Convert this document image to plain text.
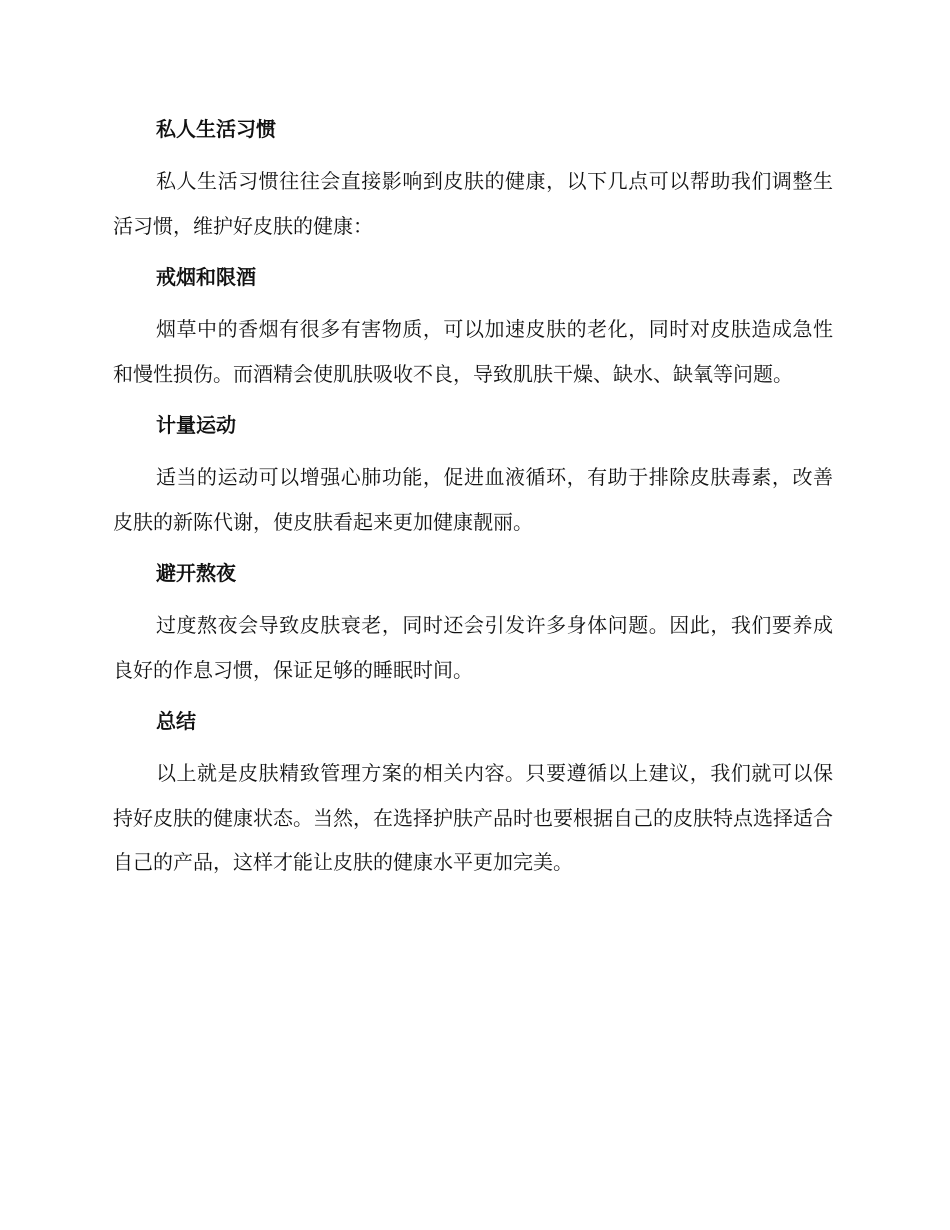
私人生活习惯
私人生活习惯往往会直接影响到皮肤的健康，以下几点可以帮助我们调整生活习惯，维护好皮肤的健康：
戒烟和限酒
烟草中的香烟有很多有害物质，可以加速皮肤的老化，同时对皮肤造成急性和慢性损伤。而酒精会使肌肤吸收不良，导致肌肤干燥、缺水、缺氧等问题。
计量运动
适当的运动可以增强心肺功能，促进血液循环，有助于排除皮肤毒素，改善皮肤的新陈代谢，使皮肤看起来更加健康靓丽。
避开熬夜
过度熬夜会导致皮肤衰老，同时还会引发许多身体问题。因此，我们要养成良好的作息习惯，保证足够的睡眠时间。
总结
以上就是皮肤精致管理方案的相关内容。只要遵循以上建议，我们就可以保持好皮肤的健康状态。当然，在选择护肤产品时也要根据自己的皮肤特点选择适合自己的产品，这样才能让皮肤的健康水平更加完美。
